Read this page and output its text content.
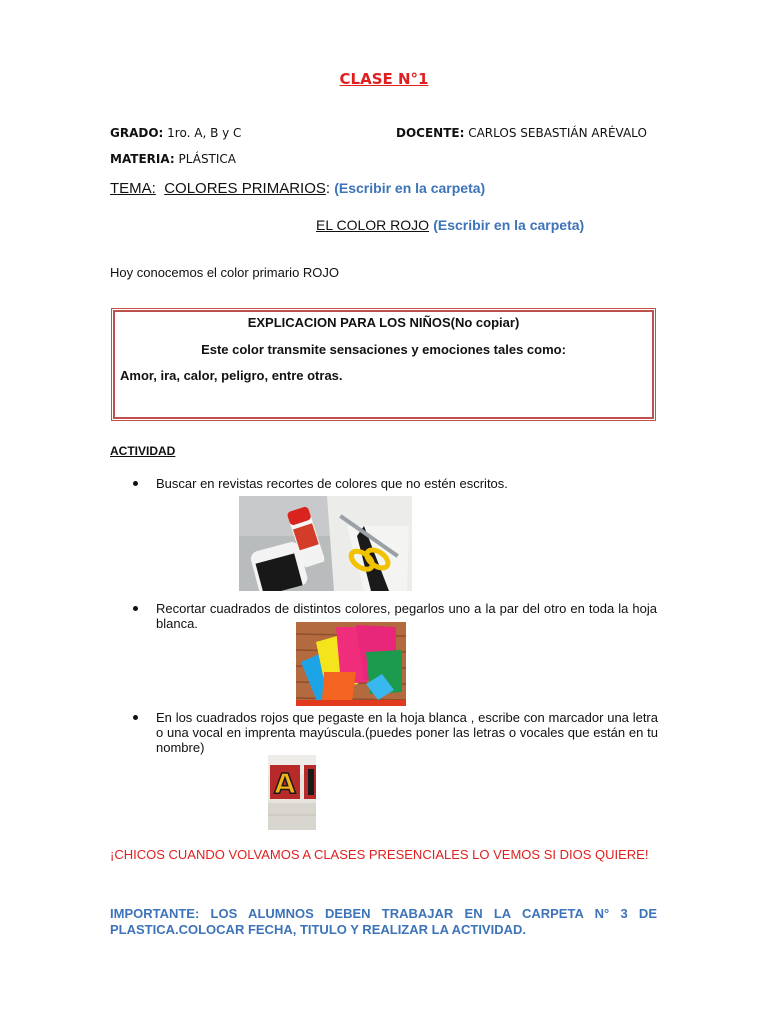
CLASE N°1
GRADO: 1ro. A, B y C	DOCENTE: CARLOS SEBASTIÁN ARÉVALO
MATERIA: PLÁSTICA
TEMA: COLORES PRIMARIOS: (Escribir en la carpeta)
EL COLOR ROJO (Escribir en la carpeta)
Hoy conocemos el color primario ROJO
EXPLICACION PARA LOS NIÑOS(No copiar)
Este color transmite sensaciones y emociones tales como:
Amor, ira, calor, peligro, entre otras.
ACTIVIDAD
Buscar en revistas recortes de colores que no estén escritos.
Recortar cuadrados de distintos colores, pegarlos uno a la par del otro en toda la hoja blanca.
En los cuadrados rojos que pegaste en la hoja blanca , escribe con marcador una letra o una vocal en imprenta mayúscula.(puedes poner las letras o vocales que están en tu nombre)
A
¡CHICOS CUANDO VOLVAMOS A CLASES PRESENCIALES LO VEMOS SI DIOS QUIERE!
IMPORTANTE: LOS ALUMNOS DEBEN TRABAJAR EN LA CARPETA N° 3 DE PLASTICA.COLOCAR FECHA, TITULO Y REALIZAR LA ACTIVIDAD.
